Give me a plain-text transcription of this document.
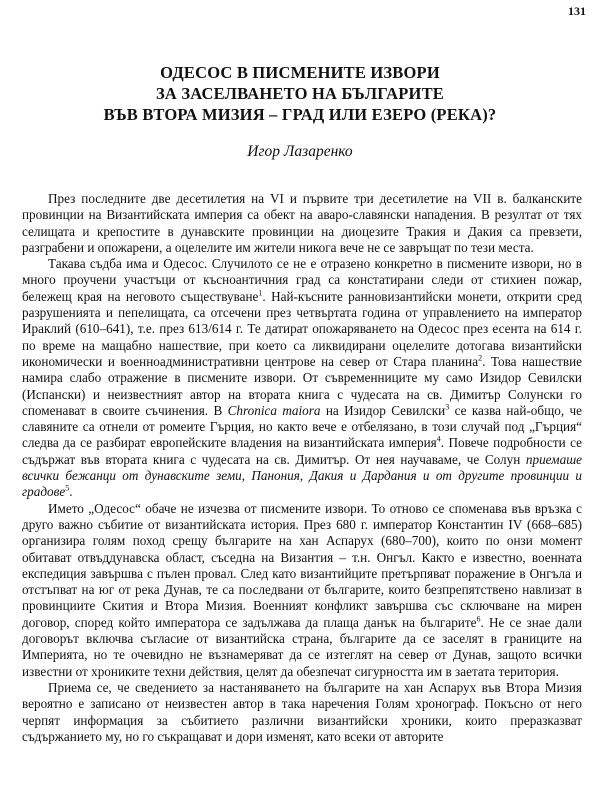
131
ОДЕСОС В ПИСМЕНИТЕ ИЗВОРИ
ЗА ЗАСЕЛВАНЕТО НА БЪЛГАРИТЕ
ВЪВ ВТОРА МИЗИЯ – ГРАД ИЛИ ЕЗЕРО (РЕКА)?
Игор Лазаренко

През последните две десетилетия на VI и първите три десетилетие на VII в. балканските провинции на Византийската империя са обект на аваро-славянски нападения. В резултат от тях селищата и крепостите в дунавските провинции на диоцезите Тракия и Дакия са превзети, разграбени и опожарени, а оцелелите им жители никога вече не се завръщат по тези места.

Такава съдба има и Одесос. Случилото се не е отразено конкретно в писмените извори, но в много проучени участъци от късноантичния град са констатирани следи от стихиен пожар, бележещ края на неговото съществуване$^1$. Най-късните ранновизантийски монети, открити сред разрушенията и пепелищата, са отсечени през четвъртата година от управлението на император Ираклий (610–641), т.е. през 613/614 г. Те датират опожаряването на Одесос през есента на 614 г. по време на мащабно нашествие, при което са ликвидирани оцелелите дотогава византийски икономически и военноадминистративни центрове на север от Стара планина$^2$. Това нашествие намира слабо отражение в писмените извори. От съвременниците му само Изидор Севилски (Испански) и неизвестният автор на втората книга с чудесата на св. Димитър Солунски го споменават в своите съчинения. В Chronica maiora на Изидор Севилски$^3$ се казва най-общо, че славяните са отнели от ромеите Гърция, но както вече е отбелязано, в този случай под „Гърция“ следва да се разбират европейските владения на византийската империя$^4$. Повече подробности се съдържат във втората книга с чудесата на св. Димитър. От нея научаваме, че Солун приемаше всички бежанци от дунавските земи, Панония, Дакия и Дардания и от другите провинции и градове$^5$.

Името „Одесос“ обаче не изчезва от писмените извори. То отново се споменава във връзка с друго важно събитие от византийската история. През 680 г. император Константин IV (668–685) организира голям поход срещу българите на хан Аспарух (680–700), които по онзи момент обитават отвъддунавска област, съседна на Византия – т.н. Онгъл. Както е известно, военната експедиция завършва с пълен провал. След като византийците претърпяват поражение в Онгъла и отстъпват на юг от река Дунав, те са последвани от българите, които безпрепятствено навлизат в провинциите Скития и Втора Мизия. Военният конфликт завършва със сключване на мирен договор, според който императора се задължава да плаща данък на българите$^6$. Не се знае дали договорът включва съгласие от византийска страна, българите да се заселят в границите на Империята, но те очевидно не възнамеряват да се изтеглят на север от Дунав, защото всички известни от хрониките техни действия, целят да обезпечат сигурността им в заетата територия.

Приема се, че сведението за настаняването на българите на хан Аспарух във Втора Мизия вероятно е записано от неизвестен автор в така наречения Голям хронограф. Покъсно от него черпят информация за събитието различни византийски хроники, които преразказват съдържанието му, но го съкращават и дори изменят, като всеки от авторите
